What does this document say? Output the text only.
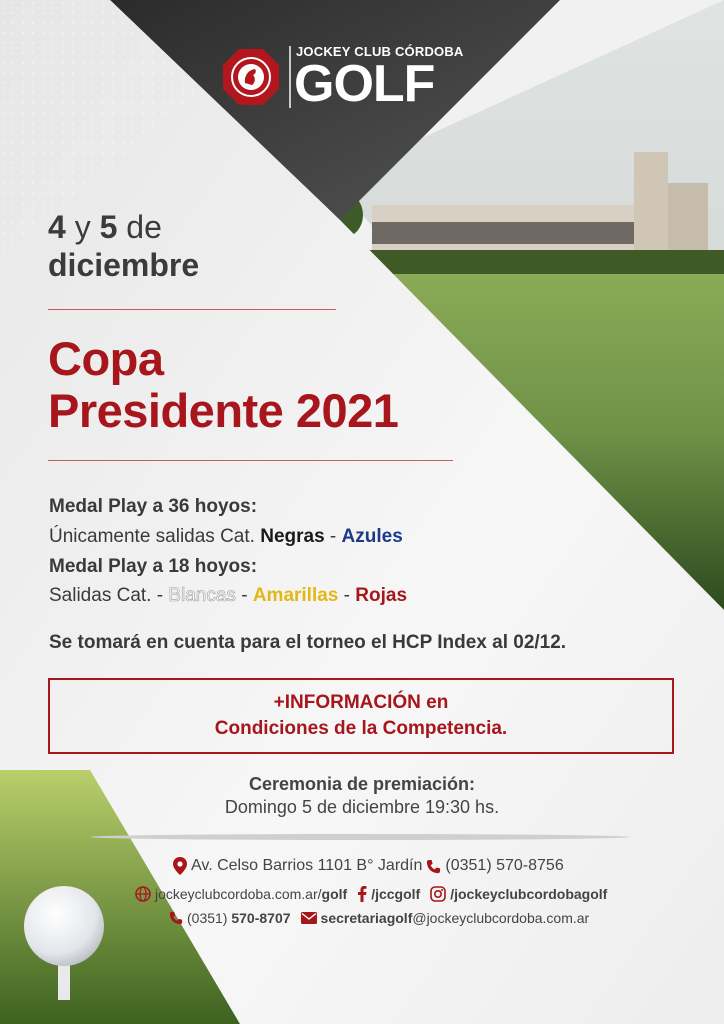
JOCKEY CLUB CÓRDOBA
GOLF
4 y 5 de
diciembre
Copa
Presidente 2021
Medal Play a 36 hoyos:
Únicamente salidas Cat. Negras - Azules
Medal Play a 18 hoyos:
Salidas Cat. - Blancas - Amarillas - Rojas
Se tomará en cuenta para el torneo el HCP Index al 02/12.
+INFORMACIÓN en
Condiciones de la Competencia.
Ceremonia de premiación:
Domingo 5 de diciembre 19:30 hs.
Av. Celso Barrios 1101 B° Jardín (0351) 570-8756
jockeyclubcordoba.com.ar/golf /jccgolf /jockeyclubcordobagolf
(0351) 570-8707 secretariagolf@jockeyclubcordoba.com.ar
